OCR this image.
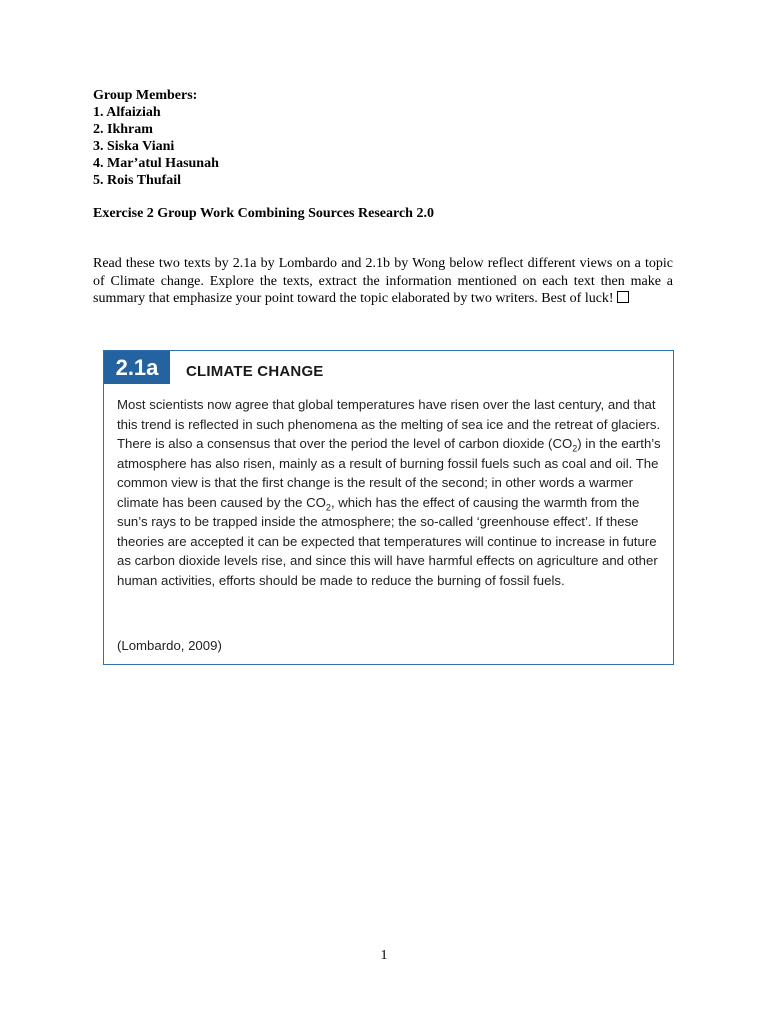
Group Members:
1. Alfaiziah
2. Ikhram
3. Siska Viani
4. Mar’atul Hasunah
5. Rois Thufail
Exercise 2 Group Work Combining Sources Research 2.0

Read these two texts by 2.1a by Lombardo and 2.1b by Wong below reflect different views on a topic of Climate change. Explore the texts, extract the information mentioned on each text then make a summary that emphasize your point toward the topic elaborated by two writers. Best of luck!

2.1a	CLIMATE CHANGE
Most scientists now agree that global temperatures have risen over the last century, and that this trend is reflected in such phenomena as the melting of sea ice and the retreat of glaciers. There is also a consensus that over the period the level of carbon dioxide $(CO_2)$ in the earth’s atmosphere has also risen, mainly as a result of burning fossil fuels such as coal and oil. The common view is that the first change is the result of the second; in other words a warmer climate has been caused by the $CO_2$, which has the effect of causing the warmth from the sun’s rays to be trapped inside the atmosphere; the so-called ‘greenhouse effect’. If these theories are accepted it can be expected that temperatures will continue to increase in future as carbon dioxide levels rise, and since this will have harmful effects on agriculture and other human activities, efforts should be made to reduce the burning of fossil fuels.
(Lombardo, 2009)
1
